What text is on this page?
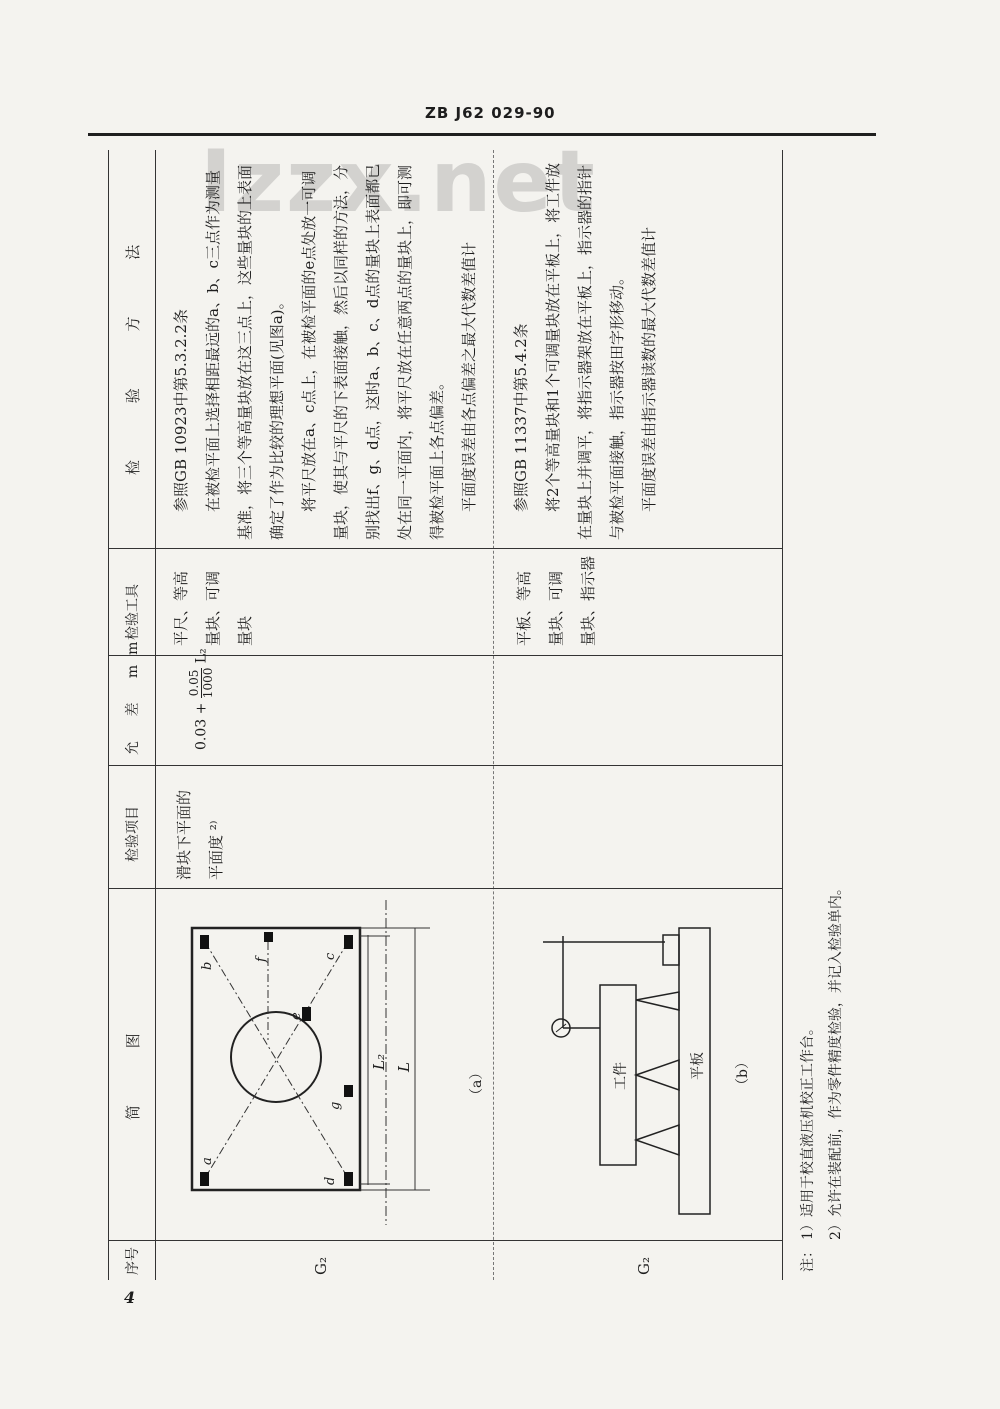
ZB J62 029-90
Izzx.net
序号
简 图
检验项目
允 差 mm
检验工具
检 验 方 法
G₂
a
b
c
d
e
f
g
L₂ L	（a）
滑块下平面的 平面度 ²⁾
0.03 +
0.05 1000
L₂
平尺、等高 量块、可调 量块

参照GB 10923中第5.3.2.2条 在被检平面上选择相距最远的a、b、c三点作为测量 基准，将三个等高量块放在这三点上，这些量块的上表面 确定了作为比较的理想平面(见图a)。 将平尺放在a、c点上，在被检平面的e点处放一可调 量块，使其与平尺的下表面接触，然后以同样的方法，分 别找出f、g、d点，这时a、b、c、d点的量块上表面都已 处在同一平面内，将平尺放在任意两点的量块上，即可测 得被检平面上各点偏差。 平面度误差由各点偏差之最大代数差值计

G₂
工件	平板 （b）
平板、等高 量块、可调 量块、指示器

参照GB 11337中第5.4.2条 将2个等高量块和1个可调量块放在平板上，将工件放 在量块上并调平，将指示器架放在平板上，指示器的指针 与被检平面接触，指示器按田字形移动。 平面度误差由指示器读数的最大代数差值计

注：
1）适用于校直液压机校正工作台。 2）允许在装配前，作为零件精度检验，并记入检验单内。
4
